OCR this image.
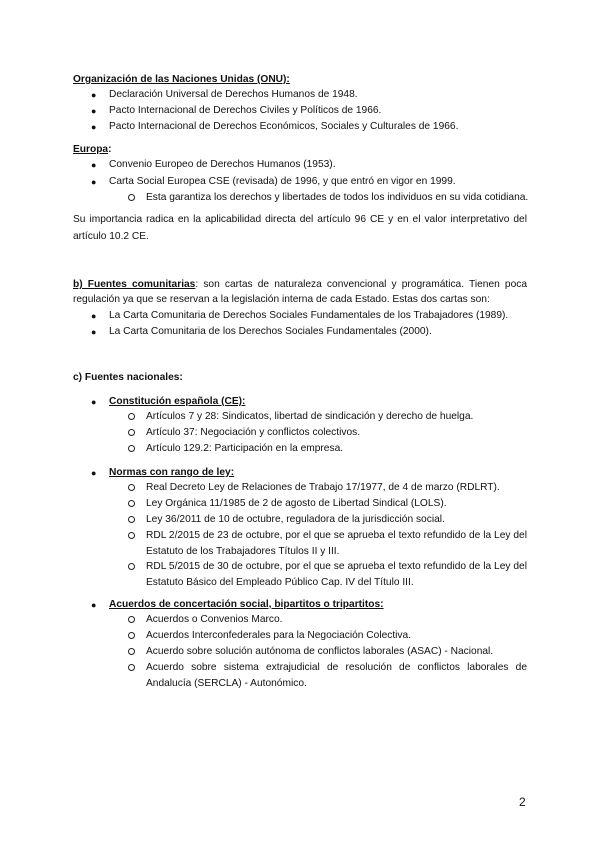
Organización de las Naciones Unidas (ONU):
● Declaración Universal de Derechos Humanos de 1948.
● Pacto Internacional de Derechos Civiles y Políticos de 1966.
● Pacto Internacional de Derechos Económicos, Sociales y Culturales de 1966.
Europa:
● Convenio Europeo de Derechos Humanos (1953).
● Carta Social Europea CSE (revisada) de 1996, y que entró en vigor en 1999.
Esta garantiza los derechos y libertades de todos los individuos en su vida cotidiana.
Su importancia radica en la aplicabilidad directa del artículo 96 CE y en el valor interpretativo del
artículo 10.2 CE.
b) Fuentes comunitarias: son cartas de naturaleza convencional y programática. Tienen poca
regulación ya que se reservan a la legislación interna de cada Estado. Estas dos cartas son:
● La Carta Comunitaria de Derechos Sociales Fundamentales de los Trabajadores (1989).
● La Carta Comunitaria de los Derechos Sociales Fundamentales (2000).
c) Fuentes nacionales:
● Constitución española (CE):
Artículos 7 y 28: Sindicatos, libertad de sindicación y derecho de huelga.
Artículo 37: Negociación y conflictos colectivos.
Artículo 129.2: Participación en la empresa.
● Normas con rango de ley:
Real Decreto Ley de Relaciones de Trabajo 17/1977, de 4 de marzo (RDLRT).
Ley Orgánica 11/1985 de 2 de agosto de Libertad Sindical (LOLS).
Ley 36/2011 de 10 de octubre, reguladora de la jurisdicción social.
RDL 2/2015 de 23 de octubre, por el que se aprueba el texto refundido de la Ley del
Estatuto de los Trabajadores Títulos II y III.
RDL 5/2015 de 30 de octubre, por el que se aprueba el texto refundido de la Ley del
Estatuto Básico del Empleado Público Cap. IV del Título III.
● Acuerdos de concertación social, bipartitos o tripartitos:
Acuerdos o Convenios Marco.
Acuerdos Interconfederales para la Negociación Colectiva.
Acuerdo sobre solución autónoma de conflictos laborales (ASAC) - Nacional.
Acuerdo sobre sistema extrajudicial de resolución de conflictos laborales de
Andalucía (SERCLA) - Autonómico.
2
